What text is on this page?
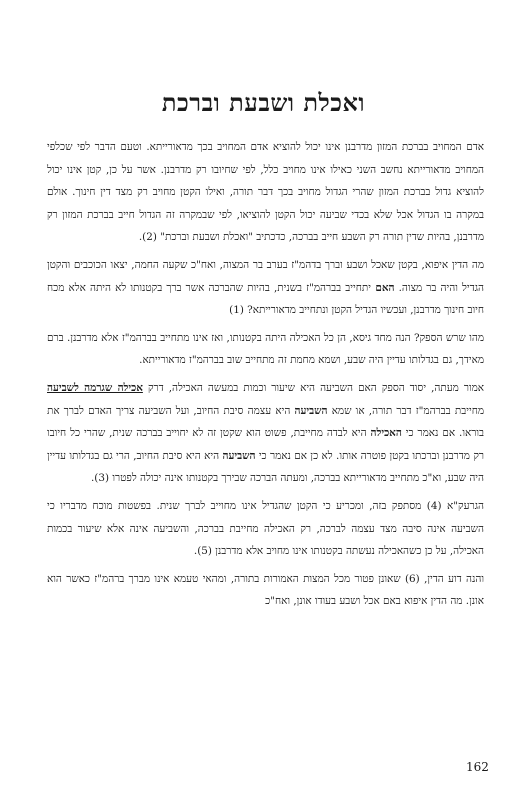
ואכלת ושבעת וברכת

אדם המחויב בברכת המזון מדרבנן אינו יכול להוציא אדם המחויב בכך מדאורייתא. וטעם הדבר לפי שכלפי המחויב מדאורייתא נחשב השני כאילו אינו מחויב כלל, לפי שחיובו רק מדרבנן. אשר על כן, קטן אינו יכול להוציא גדול בברכת המזון שהרי הגדול מחויב בכך דבר תורה, ואילו הקטן מחויב רק מצד דין חינוך. אולם במקרה בו הגדול אכל שלא בכדי שביעה יכול הקטן להוציאו, לפי שבמקרה זה הגדול חייב בברכת המזון רק מדרבנן, בהיות שדין תורה רק השבע חייב בברכה, כדכתיב "ואכלת ושבעת וברכת" (2).

מה הדין איפוא, בקטן שאכל ושבע וברך בדהמ"ז בערב בר המצוה, ואח"כ שקעה החמה, יצאו הכוכבים והקטן הגדיל והיה בר מצוה. האם יתחייב בברהמ"ז בשנית, בהיות שהברכה אשר ברך בקטנותו לא היתה אלא מכח חיוב חינוך מדרבנן, ועכשיו הגדיל הקטן ונתחייב מדאורייתא? (1)

מהו שרש הספק? הנה מחד גיסא, הן כל האכילה היתה בקטנותו, ואז אינו מתחייב בברהמ"ז אלא מדרבנן. ברם מאידך, גם בגדלותו עדיין היה שבע, ושמא מחמת זה מתחייב שוב בברהמ"ז מדאורייתא.

אמור מעתה, יסוד הספק האם השביעה היא שיעור וכמות במעשה האכילה, דרק אכילה שגרמה לשביעה מחייבת בברהמ"ז דבר תורה, או שמא השביעה היא עצמה סיבת החיוב, ועל השביעה צריך האדם לברך את בוראו. אם נאמר כי האכילה היא לבדה מחייבת, פשוט הוא שקטן זה לא יחוייב בברכה שנית, שהרי כל חיובו רק מדרבנן וברכתו בקטן פוטרה אותו. לא כן אם נאמר כי השביעה היא היא סיבת החיוב, הרי גם בגדלותו עדיין היה שבע, וא"כ מתחייב מדאורייתא בברכה, ומעתה הברכה שבירך בקטנותו אינה יכולה לפטרו (3).

הגרעק"א (4) מסתפק בזה, ומכריע כי הקטן שהגדיל אינו מחוייב לברך שנית. בפשטות מוכח מדבריו כי השביעה אינה סיבה מצד עצמה לברכה, רק האכילה מחייבת בברכה, והשביעה אינה אלא שיעור בכמות האכילה, על כן כשהאכילה נעשתה בקטנותו אינו מחויב אלא מדרבנן (5).

והנה דוע הדין, (6) שאונן פטור מכל המצות האמורות בתורה, ומהאי טעמא אינו מברך ברהמ"ז כאשר הוא אונן. מה הדין איפוא באם אכל ושבע בעודו אונן, ואח"כ

162
